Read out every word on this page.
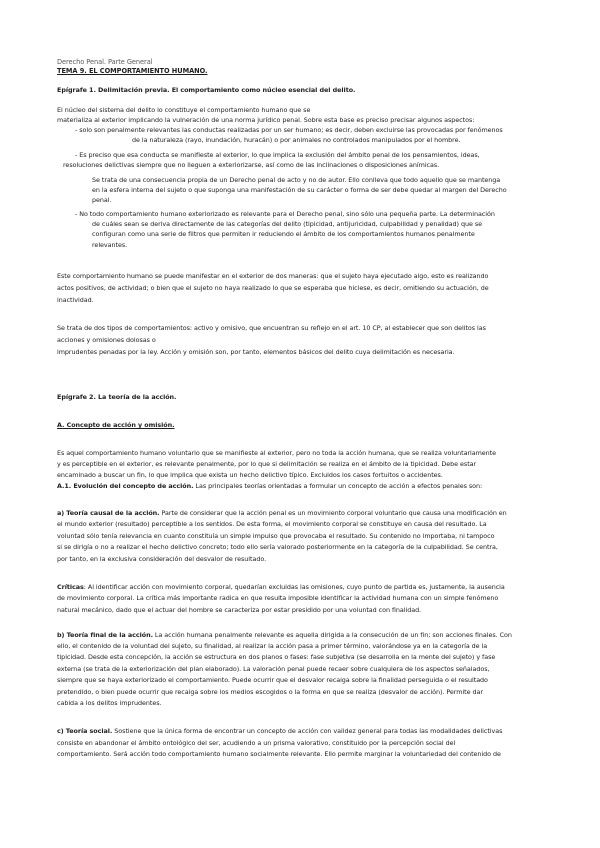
Derecho Penal. Parte General
TEMA 9. EL COMPORTAMIENTO HUMANO.
Epígrafe 1. Delimitación previa. El comportamiento como núcleo esencial del delito.
El núcleo del sistema del delito lo constituye el comportamiento humano que se
materializa al exterior implicando la vulneración de una norma jurídico penal. Sobre esta base es preciso precisar algunos aspectos:
- solo son penalmente relevantes las conductas realizadas por un ser humano; es decir, deben excluirse las provocadas por fenómenos
de la naturaleza (rayo, inundación, huracán) o por animales no controlados manipulados por el hombre.
- Es preciso que esa conducta se manifieste al exterior, lo que implica la exclusión del ámbito penal de los pensamientos, ideas,
resoluciones delictivas siempre que no lleguen a exteriorizarse, así como de las inclinaciones o disposiciones anímicas.
Se trata de una consecuencia propia de un Derecho penal de acto y no de autor. Ello conlleva que todo aquello que se mantenga
en la esfera interna del sujeto o que suponga una manifestación de su carácter o forma de ser debe quedar al margen del Derecho
penal.
- No todo comportamiento humano exteriorizado es relevante para el Derecho penal, sino sólo una pequeña parte. La determinación
de cuáles sean se deriva directamente de las categorías del delito (tipicidad, antijuricidad, culpabilidad y penalidad) que se
configuran como una serie de filtros que permiten ir reduciendo el ámbito de los comportamientos humanos penalmente
relevantes.
Este comportamiento humano se puede manifestar en el exterior de dos maneras: que el sujeto haya ejecutado algo, esto es realizando
actos positivos, de actividad; o bien que el sujeto no haya realizado lo que se esperaba que hiciese, es decir, omitiendo su actuación, de
inactividad.
Se trata de dos tipos de comportamientos: activo y omisivo, que encuentran su reflejo en el art. 10 CP, al establecer que son delitos las
acciones y omisiones dolosas o
imprudentes penadas por la ley. Acción y omisión son, por tanto, elementos básicos del delito cuya delimitación es necesaria.
Epígrafe 2. La teoría de la acción.
A. Concepto de acción y omisión.
Es aquel comportamiento humano voluntario que se manifieste al exterior, pero no toda la acción humana, que se realiza voluntariamente
y es perceptible en el exterior, es relevante penalmente, por lo que si delimitación se realiza en el ámbito de la tipicidad. Debe estar
encaminado a buscar un fin, lo que implica que exista un hecho delictivo típico. Excluidos los casos fortuitos o accidentes.
A.1. Evolución del concepto de acción. Las principales teorías orientadas a formular un concepto de acción a efectos penales son:
a) Teoría causal de la acción. Parte de considerar que la acción penal es un movimiento corporal voluntario que causa una modificación en
el mundo exterior (resultado) perceptible a los sentidos. De esta forma, el movimiento corporal se constituye en causa del resultado. La
voluntad sólo tenía relevancia en cuanto constituía un simple impulso que provocaba el resultado. Su contenido no importaba, ni tampoco
si se dirigía o no a realizar el hecho delictivo concreto; todo ello sería valorado posteriormente en la categoría de la culpabilidad. Se centra,
por tanto, en la exclusiva consideración del desvalor de resultado.
Críticas: Al identificar acción con movimiento corporal, quedarían excluidas las omisiones, cuyo punto de partida es, justamente, la ausencia
de movimiento corporal. La crítica más importante radica en que resulta imposible identificar la actividad humana con un simple fenómeno
natural mecánico, dado que el actuar del hombre se caracteriza por estar presidido por una voluntad con finalidad.
b) Teoría final de la acción. La acción humana penalmente relevante es aquella dirigida a la consecución de un fin; son acciones finales. Con
ello, el contenido de la voluntad del sujeto, su finalidad, al realizar la acción pasa a primer término, valorándose ya en la categoría de la
tipicidad. Desde esta concepción, la acción se estructura en dos planos o fases: fase subjetiva (se desarrolla en la mente del sujeto) y fase
externa (se trata de la exteriorización del plan elaborado). La valoración penal puede recaer sobre cualquiera de los aspectos señalados,
siempre que se haya exteriorizado el comportamiento. Puede ocurrir que el desvalor recaiga sobre la finalidad perseguida o el resultado
pretendido, o bien puede ocurrir que recaiga sobre los medios escogidos o la forma en que se realiza (desvalor de acción). Permite dar
cabida a los delitos imprudentes.
c) Teoría social. Sostiene que la única forma de encontrar un concepto de acción con validez general para todas las modalidades delictivas
consiste en abandonar el ámbito ontológico del ser, acudiendo a un prisma valorativo, constituido por la percepción social del
comportamiento. Será acción todo comportamiento humano socialmente relevante. Ello permite marginar la voluntariedad del contenido de
